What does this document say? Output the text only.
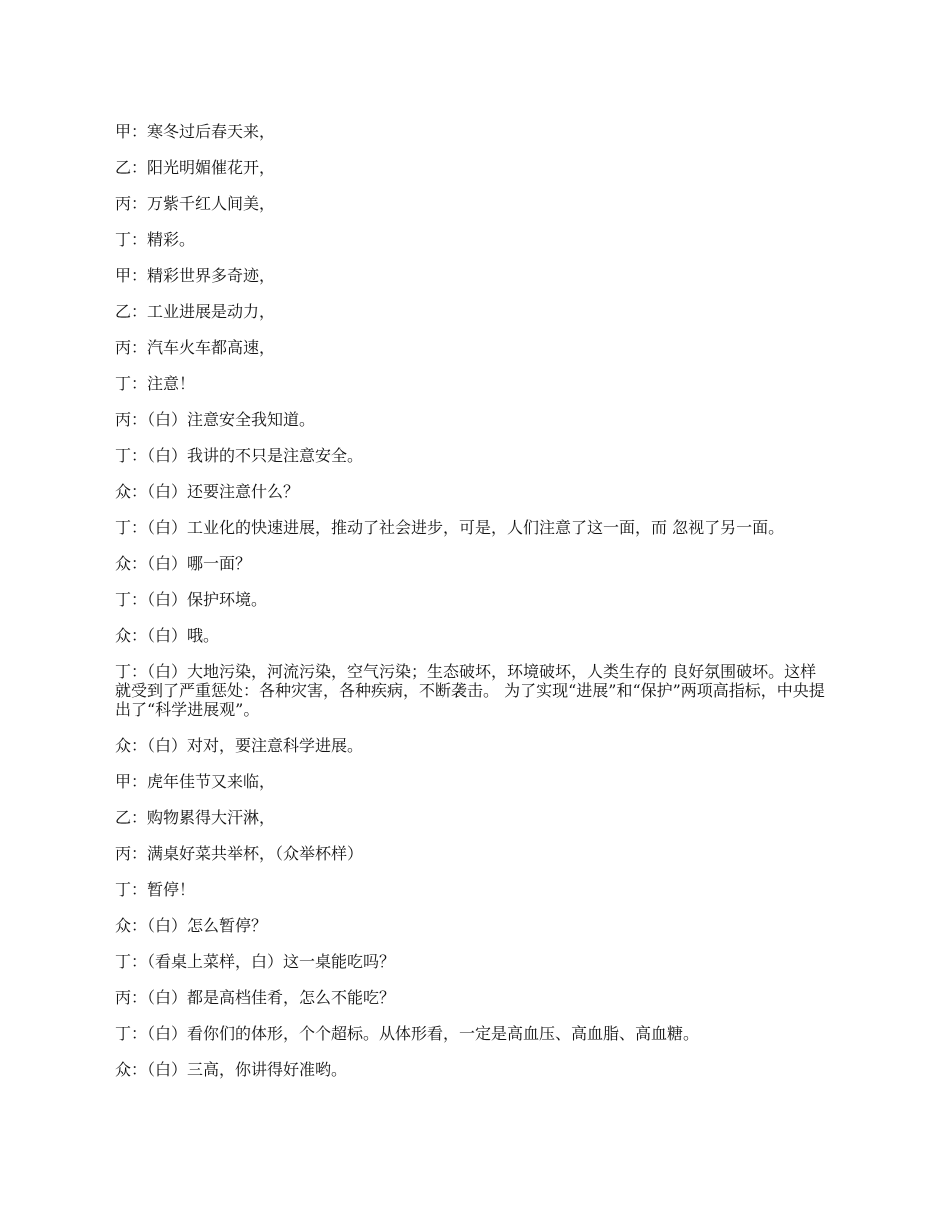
甲：寒冬过后春天来，

乙：阳光明媚催花开，

丙：万紫千红人间美，

丁：精彩。

甲：精彩世界多奇迹，

乙：工业进展是动力，

丙：汽车火车都高速，

丁：注意！

丙：（白）注意安全我知道。

丁：（白）我讲的不只是注意安全。

众：（白）还要注意什么？

丁：（白）工业化的快速进展，推动了社会进步，可是，人们注意了这一面，而 忽视了另一面。

众：（白）哪一面？

丁：（白）保护环境。

众：（白）哦。

丁：（白）大地污染，河流污染，空气污染；生态破坏，环境破坏，人类生存的 良好氛围破坏。这样就受到了严重惩处：各种灾害，各种疾病，不断袭击。 为了实现“进展”和“保护”两项高指标，中央提出了“科学进展观”。

众：（白）对对，要注意科学进展。

甲：虎年佳节又来临，

乙：购物累得大汗淋，

丙：满桌好菜共举杯，（众举杯样）

丁：暂停！

众：（白）怎么暂停？

丁：（看桌上菜样，白）这一桌能吃吗？

丙：（白）都是高档佳肴，怎么不能吃？

丁：（白）看你们的体形，个个超标。从体形看，一定是高血压、高血脂、高血糖。

众：（白）三高，你讲得好准哟。
